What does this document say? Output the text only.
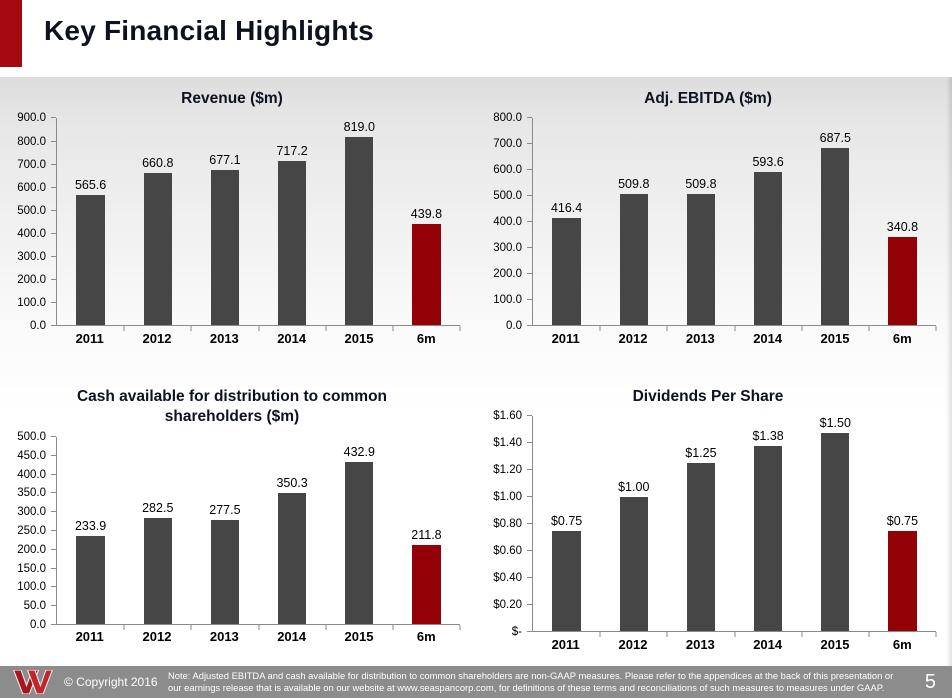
Key Financial Highlights
Revenue ($m)
900.0
800.0
700.0
600.0
500.0
400.0
300.0
200.0
100.0
0.0
565.6
660.8	677.1
717.2
819.0
439.8
2011	2012	2013	2014	2015	6m
Adj. EBITDA ($m)
800.0
700.0
600.0
500.0
400.0
300.0
200.0
100.0
0.0
416.4
509.8	509.8
593.6
687.5
340.8
2011	2012	2013	2014	2015	6m
Cash available for distribution to common shareholders ($m)
500.0
450.0
400.0
350.0
300.0
250.0
200.0
150.0
100.0
50.0
0.0
233.9
282.5	277.5
350.3
432.9
211.8
2011	2012	2013	2014	2015	6m
Dividends Per Share
$1.60
$1.40
$1.20
$1.00
$0.80
$0.60
$0.40
$0.20
$-
$0.75
$1.00
$1.25
$1.38
$1.50
$0.75
2011	2012	2013	2014	2015	6m
© Copyright 2016 Note: Adjusted EBITDA and cash available for distribution to common shareholders are non-GAAP measures. Please refer to the appendices at the back of this presentation or our earnings release that is available on our website at www.seaspancorp.com, for definitions of these terms and reconciliations of such measures to measures under GAAP.	5
